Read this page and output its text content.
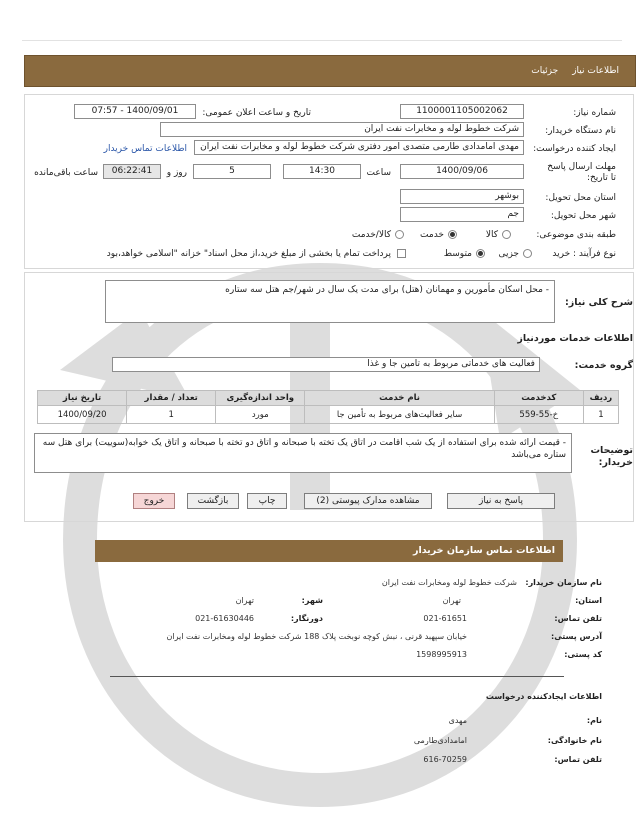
اطلاعات نیاز
جزئیات
شماره نیاز:
1100001105002062
تاریخ و ساعت اعلان عمومی:
1400/09/01 - 07:57
نام دستگاه خریدار:
شرکت خطوط لوله و مخابرات نفت ایران
ایجاد کننده درخواست:
مهدی امامدادی طارمی متصدی امور دفتری شرکت خطوط لوله و مخابرات نفت ایران
اطلاعات تماس خریدار
مهلت ارسال پاسخ تا تاریخ:
1400/09/06
ساعت
14:30
5
روز و
06:22:41
ساعت باقی‌مانده
استان محل تحویل:
بوشهر
شهر محل تحویل:
جم
طبقه بندی موضوعی:
کالا
خدمت
کالا/خدمت
نوع فرآیند : خرید
جزیی
متوسط
پرداخت تمام یا بخشی از مبلغ خرید،از محل اسناد" خزانه "اسلامی خواهد،بود
شرح کلی نیاز:
- محل اسکان مأمورین و مهمانان (هتل) برای مدت یک سال در شهر/جم هتل سه ستاره
اطلاعات خدمات موردنیاز
گروه خدمت:
فعالیت های خدماتی مربوط به تامین جا و غذا
ردیف	کدخدمت	نام خدمت	واحد اندازه‌گیری	تعداد / مقدار	تاریخ نیاز
1	خ-55-559	سایر فعالیت‌های مربوط به تأمین جا	مورد	1	1400/09/20
توضیحات خریدار:
- قیمت ارائه شده برای استفاده از یک شب اقامت در اتاق یک تخته با صبحانه و اتاق دو تخته با صبحانه و اتاق یک خوابه(سوییت) برای هتل سه ستاره می‌باشد
پاسخ به نیاز
مشاهده مدارک پیوستی (2)
چاپ
بازگشت
خروج
اطلاعات تماس سازمان خریدار
نام سازمان خریدار:
شرکت خطوط لوله ومخابرات نفت ایران
استان:
تهران
شهر:
تهران
تلفن تماس:
021-61651
دورنگار:
021-61630446
آدرس پستی:
خیابان سپهبد قرنی ، نبش کوچه نوبخت پلاک 188 شرکت خطوط لوله ومخابرات نفت ایران
کد پستی:
1598995913
اطلاعات ایجادکننده درخواست
نام:
مهدی
نام خانوادگی:
امامدادی‌طارمی
تلفن تماس:
616-70259
